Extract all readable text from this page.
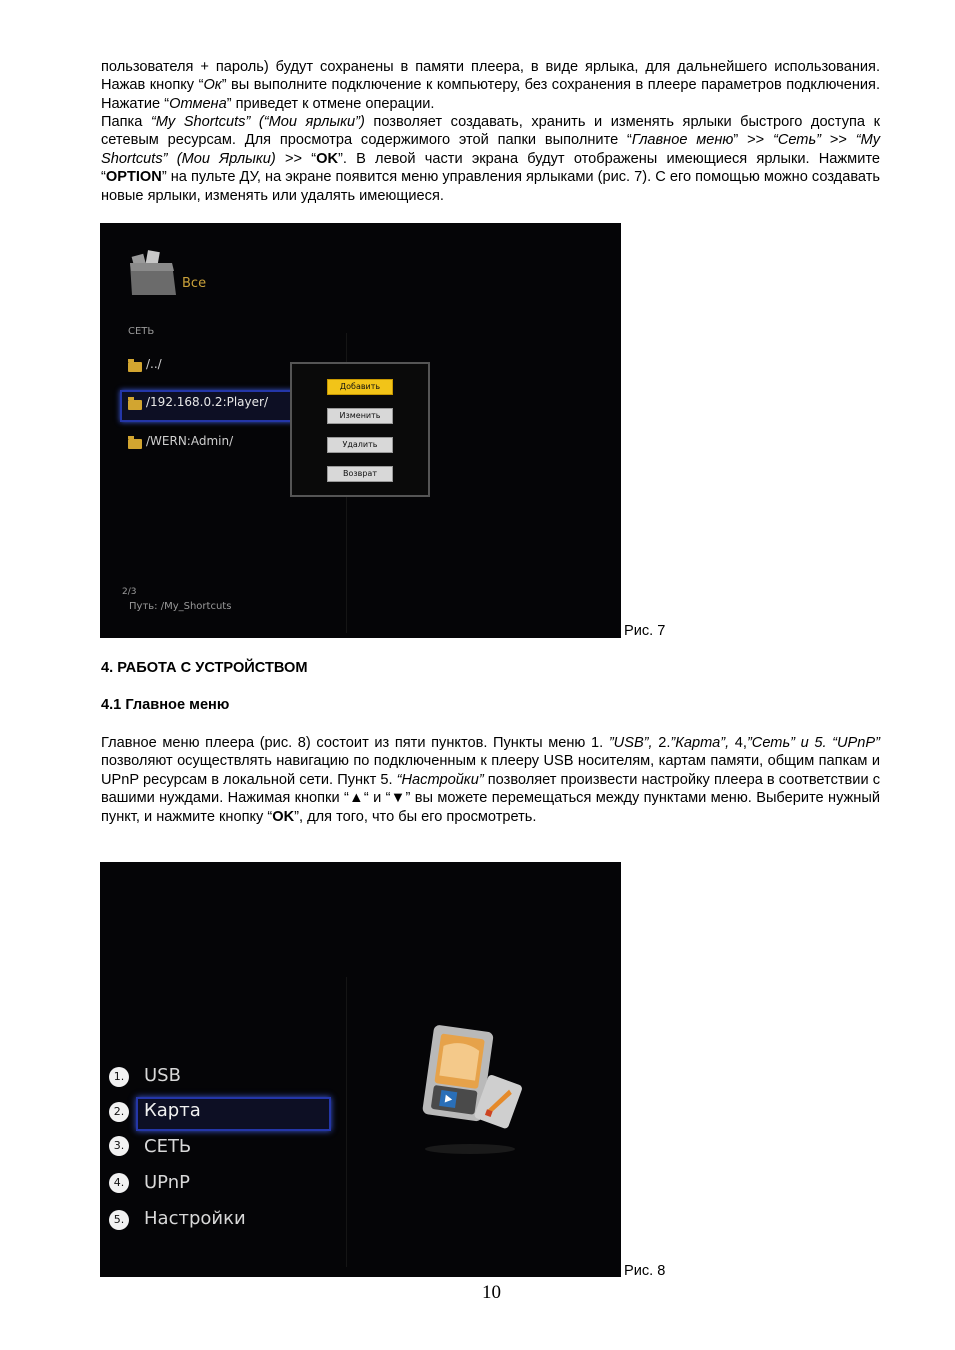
пользователя + пароль) будут сохранены в памяти плеера, в виде ярлыка, для дальнейшего использования. Нажав кнопку “Ок” вы выполните подключение к компьютеру, без сохранения в плеере параметров подключения. Нажатие “Отмена” приведет к отмене операции.
Папка “My Shortcuts” (“Мои ярлыки”) позволяет создавать, хранить и изменять ярлыки быстрого доступа к сетевым ресурсам. Для просмотра содержимого этой папки выполните “Главное меню” >> “Сеть” >> “My Shortcuts” (Мои Ярлыки) >> “OK”. В левой части экрана будут отображены имеющиеся ярлыки. Нажмите “OPTION” на пульте ДУ, на экране появится меню управления ярлыками (рис. 7). С его помощью можно создавать новые ярлыки, изменять или удалять имеющиеся.
Все
СЕТЬ
/../
/192.168.0.2:Player/
/WERN:Admin/
Добавить
Изменить
Удалить
Возврат
2/3
Путь: /My_Shortcuts
Рис. 7
4. РАБОТА С УСТРОЙСТВОМ
4.1 Главное меню
Главное меню плеера (рис. 8) состоит из пяти пунктов. Пункты меню 1. ”USB”, 2.”Карта”, 4,”Сеть” и 5. “UPnP” позволяют осуществлять навигацию по подключенным к плееру USB носителям, картам памяти, общим папкам и UPnP ресурсам в локальной сети. Пункт 5. “Настройки” позволяет произвести настройку плеера в соответствии с вашими нуждами. Нажимая кнопки “▲“ и “▼” вы можете перемещаться между пунктами меню. Выберите нужный пункт, и нажмите кнопку “OK”, для того, что бы его просмотреть.
1. USB
2. Карта
3. СЕТЬ
4. UPnP
5. Настройки
Рис. 8
10
